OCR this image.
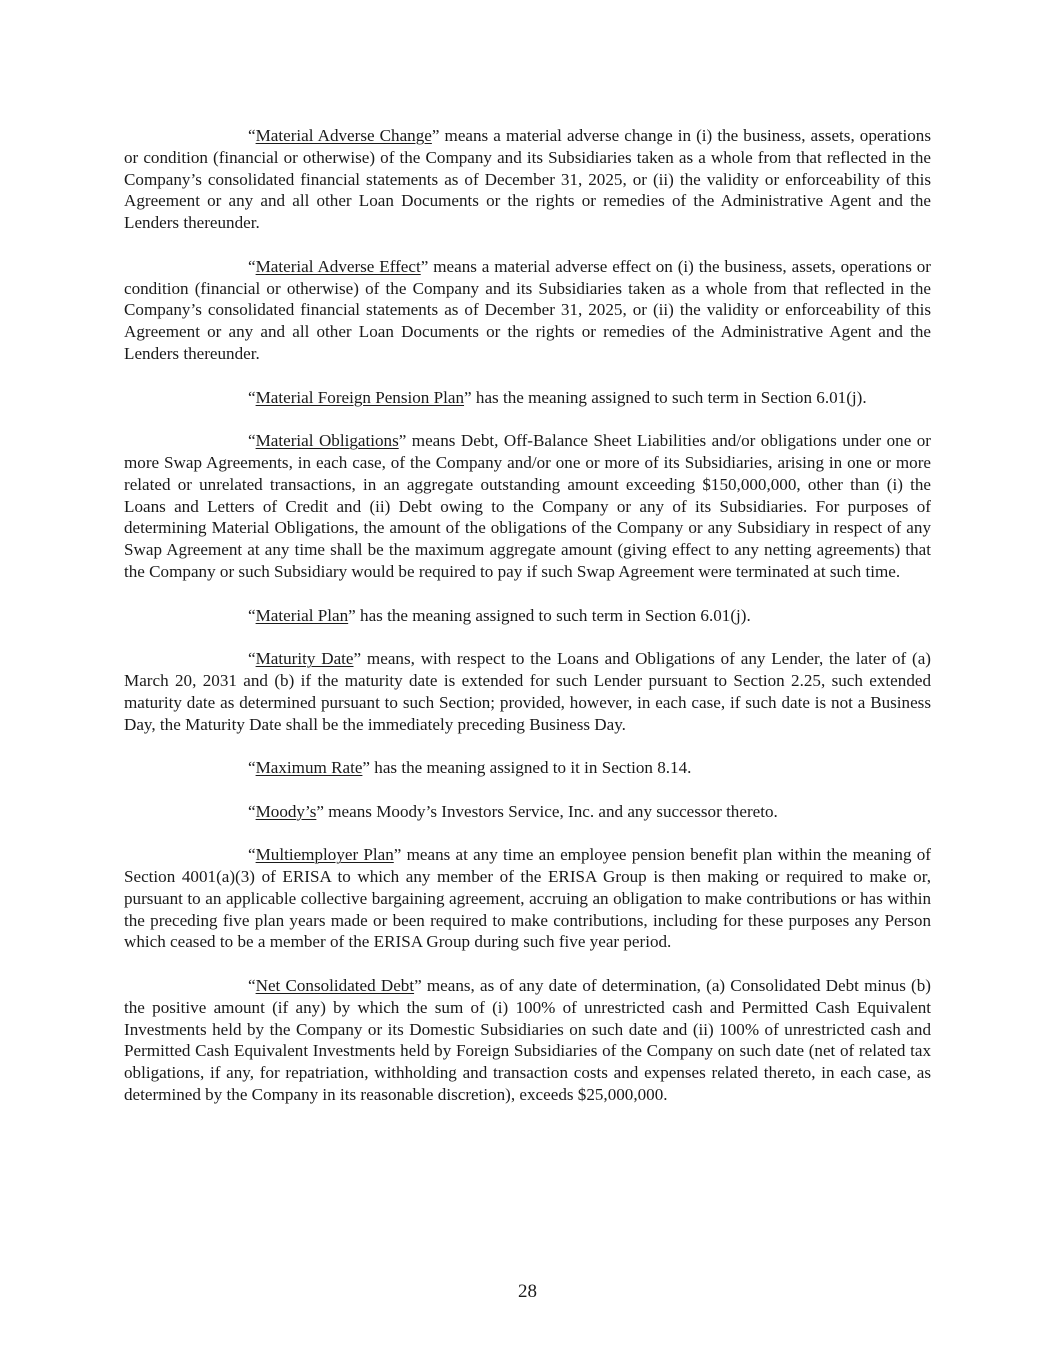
“Material Adverse Change” means a material adverse change in (i) the business, assets, operations or condition (financial or otherwise) of the Company and its Subsidiaries taken as a whole from that reflected in the Company’s consolidated financial statements as of December 31, 2025, or (ii) the validity or enforceability of this Agreement or any and all other Loan Documents or the rights or remedies of the Administrative Agent and the Lenders thereunder.

“Material Adverse Effect” means a material adverse effect on (i) the business, assets, operations or condition (financial or otherwise) of the Company and its Subsidiaries taken as a whole from that reflected in the Company’s consolidated financial statements as of December 31, 2025, or (ii) the validity or enforceability of this Agreement or any and all other Loan Documents or the rights or remedies of the Administrative Agent and the Lenders thereunder.

“Material Foreign Pension Plan” has the meaning assigned to such term in Section 6.01(j).

“Material Obligations” means Debt, Off-Balance Sheet Liabilities and/or obligations under one or more Swap Agreements, in each case, of the Company and/or one or more of its Subsidiaries, arising in one or more related or unrelated transactions, in an aggregate outstanding amount exceeding $150,000,000, other than (i) the Loans and Letters of Credit and (ii) Debt owing to the Company or any of its Subsidiaries. For purposes of determining Material Obligations, the amount of the obligations of the Company or any Subsidiary in respect of any Swap Agreement at any time shall be the maximum aggregate amount (giving effect to any netting agreements) that the Company or such Subsidiary would be required to pay if such Swap Agreement were terminated at such time.

“Material Plan” has the meaning assigned to such term in Section 6.01(j).

“Maturity Date” means, with respect to the Loans and Obligations of any Lender, the later of (a) March 20, 2031 and (b) if the maturity date is extended for such Lender pursuant to Section 2.25, such extended maturity date as determined pursuant to such Section; provided, however, in each case, if such date is not a Business Day, the Maturity Date shall be the immediately preceding Business Day.

“Maximum Rate” has the meaning assigned to it in Section 8.14.

“Moody’s” means Moody’s Investors Service, Inc. and any successor thereto.

“Multiemployer Plan” means at any time an employee pension benefit plan within the meaning of Section 4001(a)(3) of ERISA to which any member of the ERISA Group is then making or required to make or, pursuant to an applicable collective bargaining agreement, accruing an obligation to make contributions or has within the preceding five plan years made or been required to make contributions, including for these purposes any Person which ceased to be a member of the ERISA Group during such five year period.

“Net Consolidated Debt” means, as of any date of determination, (a) Consolidated Debt minus (b) the positive amount (if any) by which the sum of (i) 100% of unrestricted cash and Permitted Cash Equivalent Investments held by the Company or its Domestic Subsidiaries on such date and (ii) 100% of unrestricted cash and Permitted Cash Equivalent Investments held by Foreign Subsidiaries of the Company on such date (net of related tax obligations, if any, for repatriation, withholding and transaction costs and expenses related thereto, in each case, as determined by the Company in its reasonable discretion), exceeds $25,000,000.

28
